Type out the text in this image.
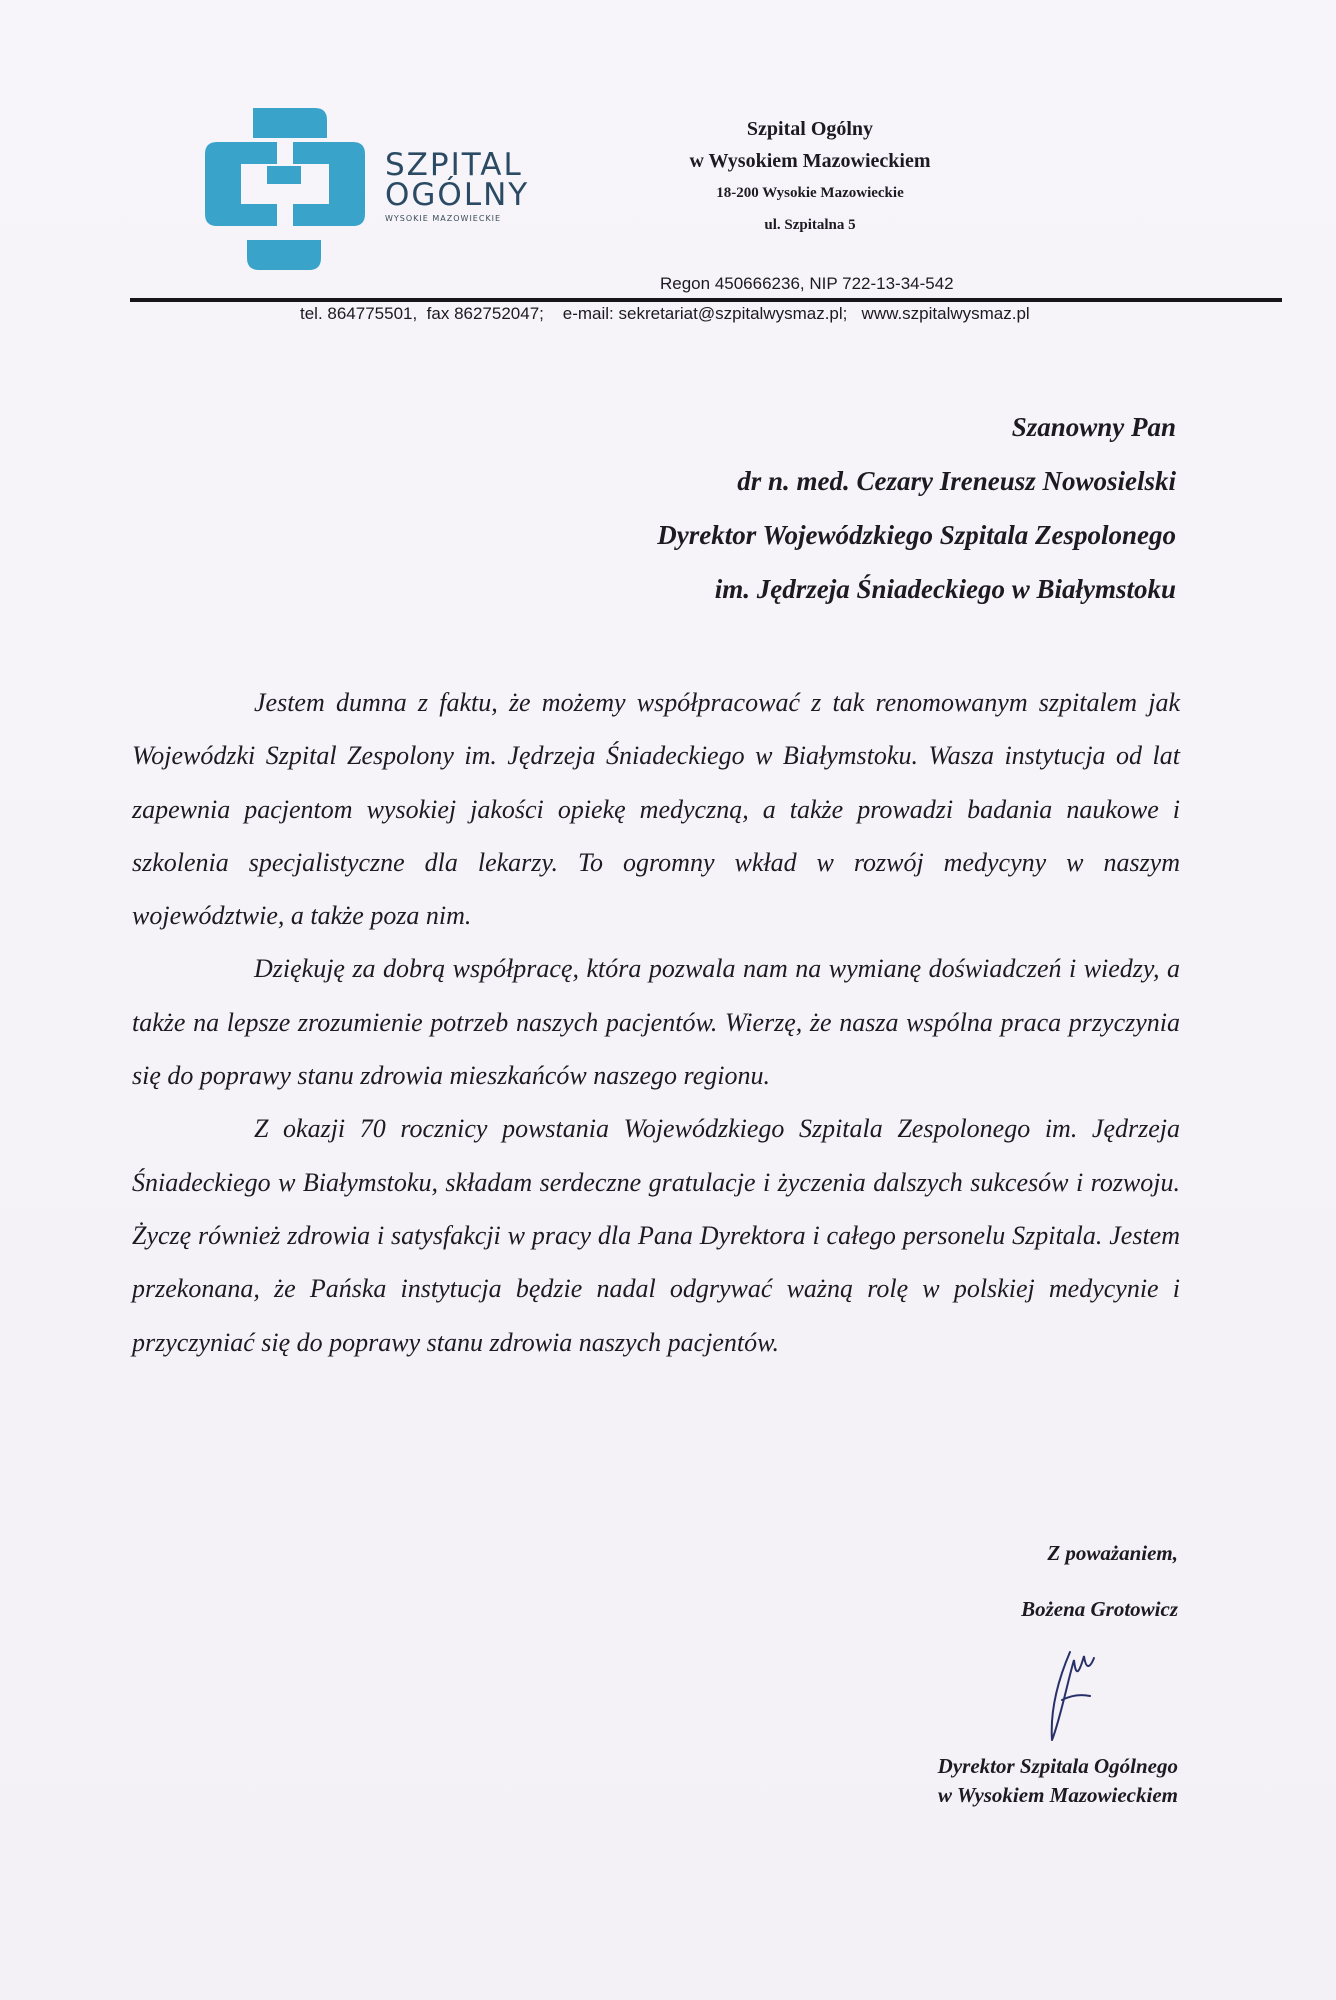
SZPITAL
OGÓLNY
WYSOKIE MAZOWIECKIE
Szpital Ogólny
w Wysokiem Mazowieckiem
18-200 Wysokie Mazowieckie
ul. Szpitalna 5
Regon 450666236, NIP 722-13-34-542
tel. 864775501,  fax 862752047;    e-mail: sekretariat@szpitalwysmaz.pl;   www.szpitalwysmaz.pl
Szanowny Pan
dr n. med. Cezary Ireneusz Nowosielski
Dyrektor Wojewódzkiego Szpitala Zespolonego
im. Jędrzeja Śniadeckiego w Białymstoku

Jestem dumna z faktu, że możemy współpracować z tak renomowanym szpitalem jak Wojewódzki Szpital Zespolony im. Jędrzeja Śniadeckiego w Białymstoku. Wasza instytucja od lat zapewnia pacjentom wysokiej jakości opiekę medyczną, a także prowadzi badania naukowe i szkolenia specjalistyczne dla lekarzy. To ogromny wkład w rozwój medycyny w naszym województwie, a także poza nim.

Dziękuję za dobrą współpracę, która pozwala nam na wymianę doświadczeń i wiedzy, a także na lepsze zrozumienie potrzeb naszych pacjentów. Wierzę, że nasza wspólna praca przyczynia się do poprawy stanu zdrowia mieszkańców naszego regionu.

Z okazji 70 rocznicy powstania Wojewódzkiego Szpitala Zespolonego im. Jędrzeja Śniadeckiego w Białymstoku, składam serdeczne gratulacje i życzenia dalszych sukcesów i rozwoju. Życzę również zdrowia i satysfakcji w pracy dla Pana Dyrektora i całego personelu Szpitala. Jestem przekonana, że Pańska instytucja będzie nadal odgrywać ważną rolę w polskiej medycynie i przyczyniać się do poprawy stanu zdrowia naszych pacjentów.

Z poważaniem,
Bożena Grotowicz
Dyrektor Szpitala Ogólnego
w Wysokiem Mazowieckiem
